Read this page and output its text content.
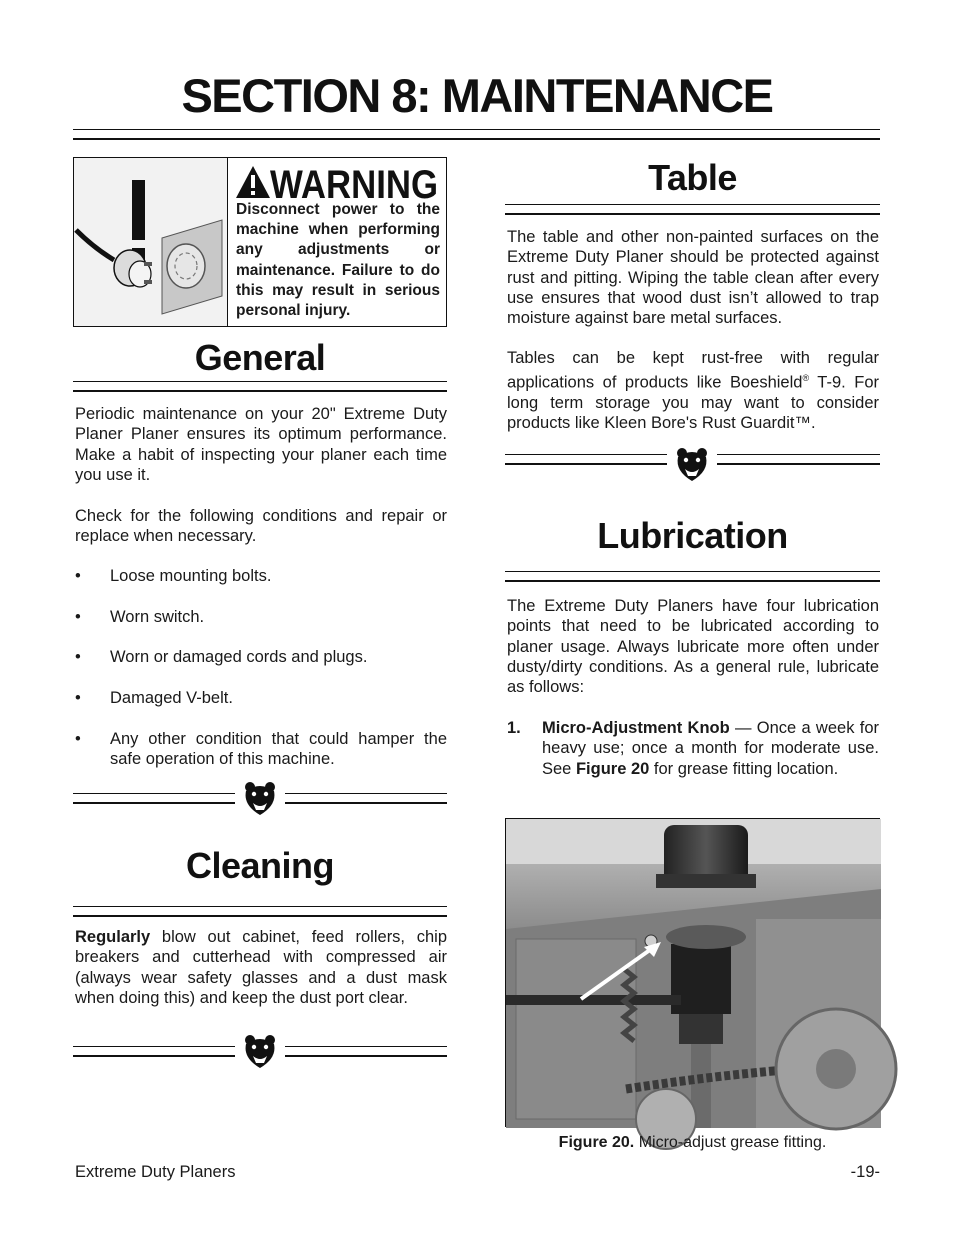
SECTION 8: MAINTENANCE
WARNING
Disconnect power to the machine when performing any adjustments or maintenance. Failure to do this may result in serious personal injury.
General

Periodic maintenance on your 20" Extreme Duty Planer Planer ensures its optimum performance. Make a habit of inspecting your planer each time you use it.

Check for the following conditions and repair or replace when necessary.

• Loose mounting bolts.
• Worn switch.
• Worn or damaged cords and plugs.
• Damaged V-belt.
• Any other condition that could hamper the safe operation of this machine.
Cleaning

Regularly blow out cabinet, feed rollers, chip breakers and cutterhead with compressed air (always wear safety glasses and a dust mask when doing this) and keep the dust port clear.

Table

The table and other non-painted surfaces on the Extreme Duty Planer should be protected against rust and pitting. Wiping the table clean after every use ensures that wood dust isn’t allowed to trap moisture against bare metal surfaces.

Tables can be kept rust-free with regular applications of products like Boeshield® T-9. For long term storage you may want to consider products like Kleen Bore's Rust Guardit™.

Lubrication

The Extreme Duty Planers have four lubrication points that need to be lubricated according to planer usage. Always lubricate more often under dusty/dirty conditions. As a general rule, lubricate as follows:

1. Micro-Adjustment Knob — Once a week for heavy use; once a month for moderate use. See Figure 20 for grease fitting location.
Figure 20. Micro-adjust grease fitting.
Extreme Duty Planers	-19-
